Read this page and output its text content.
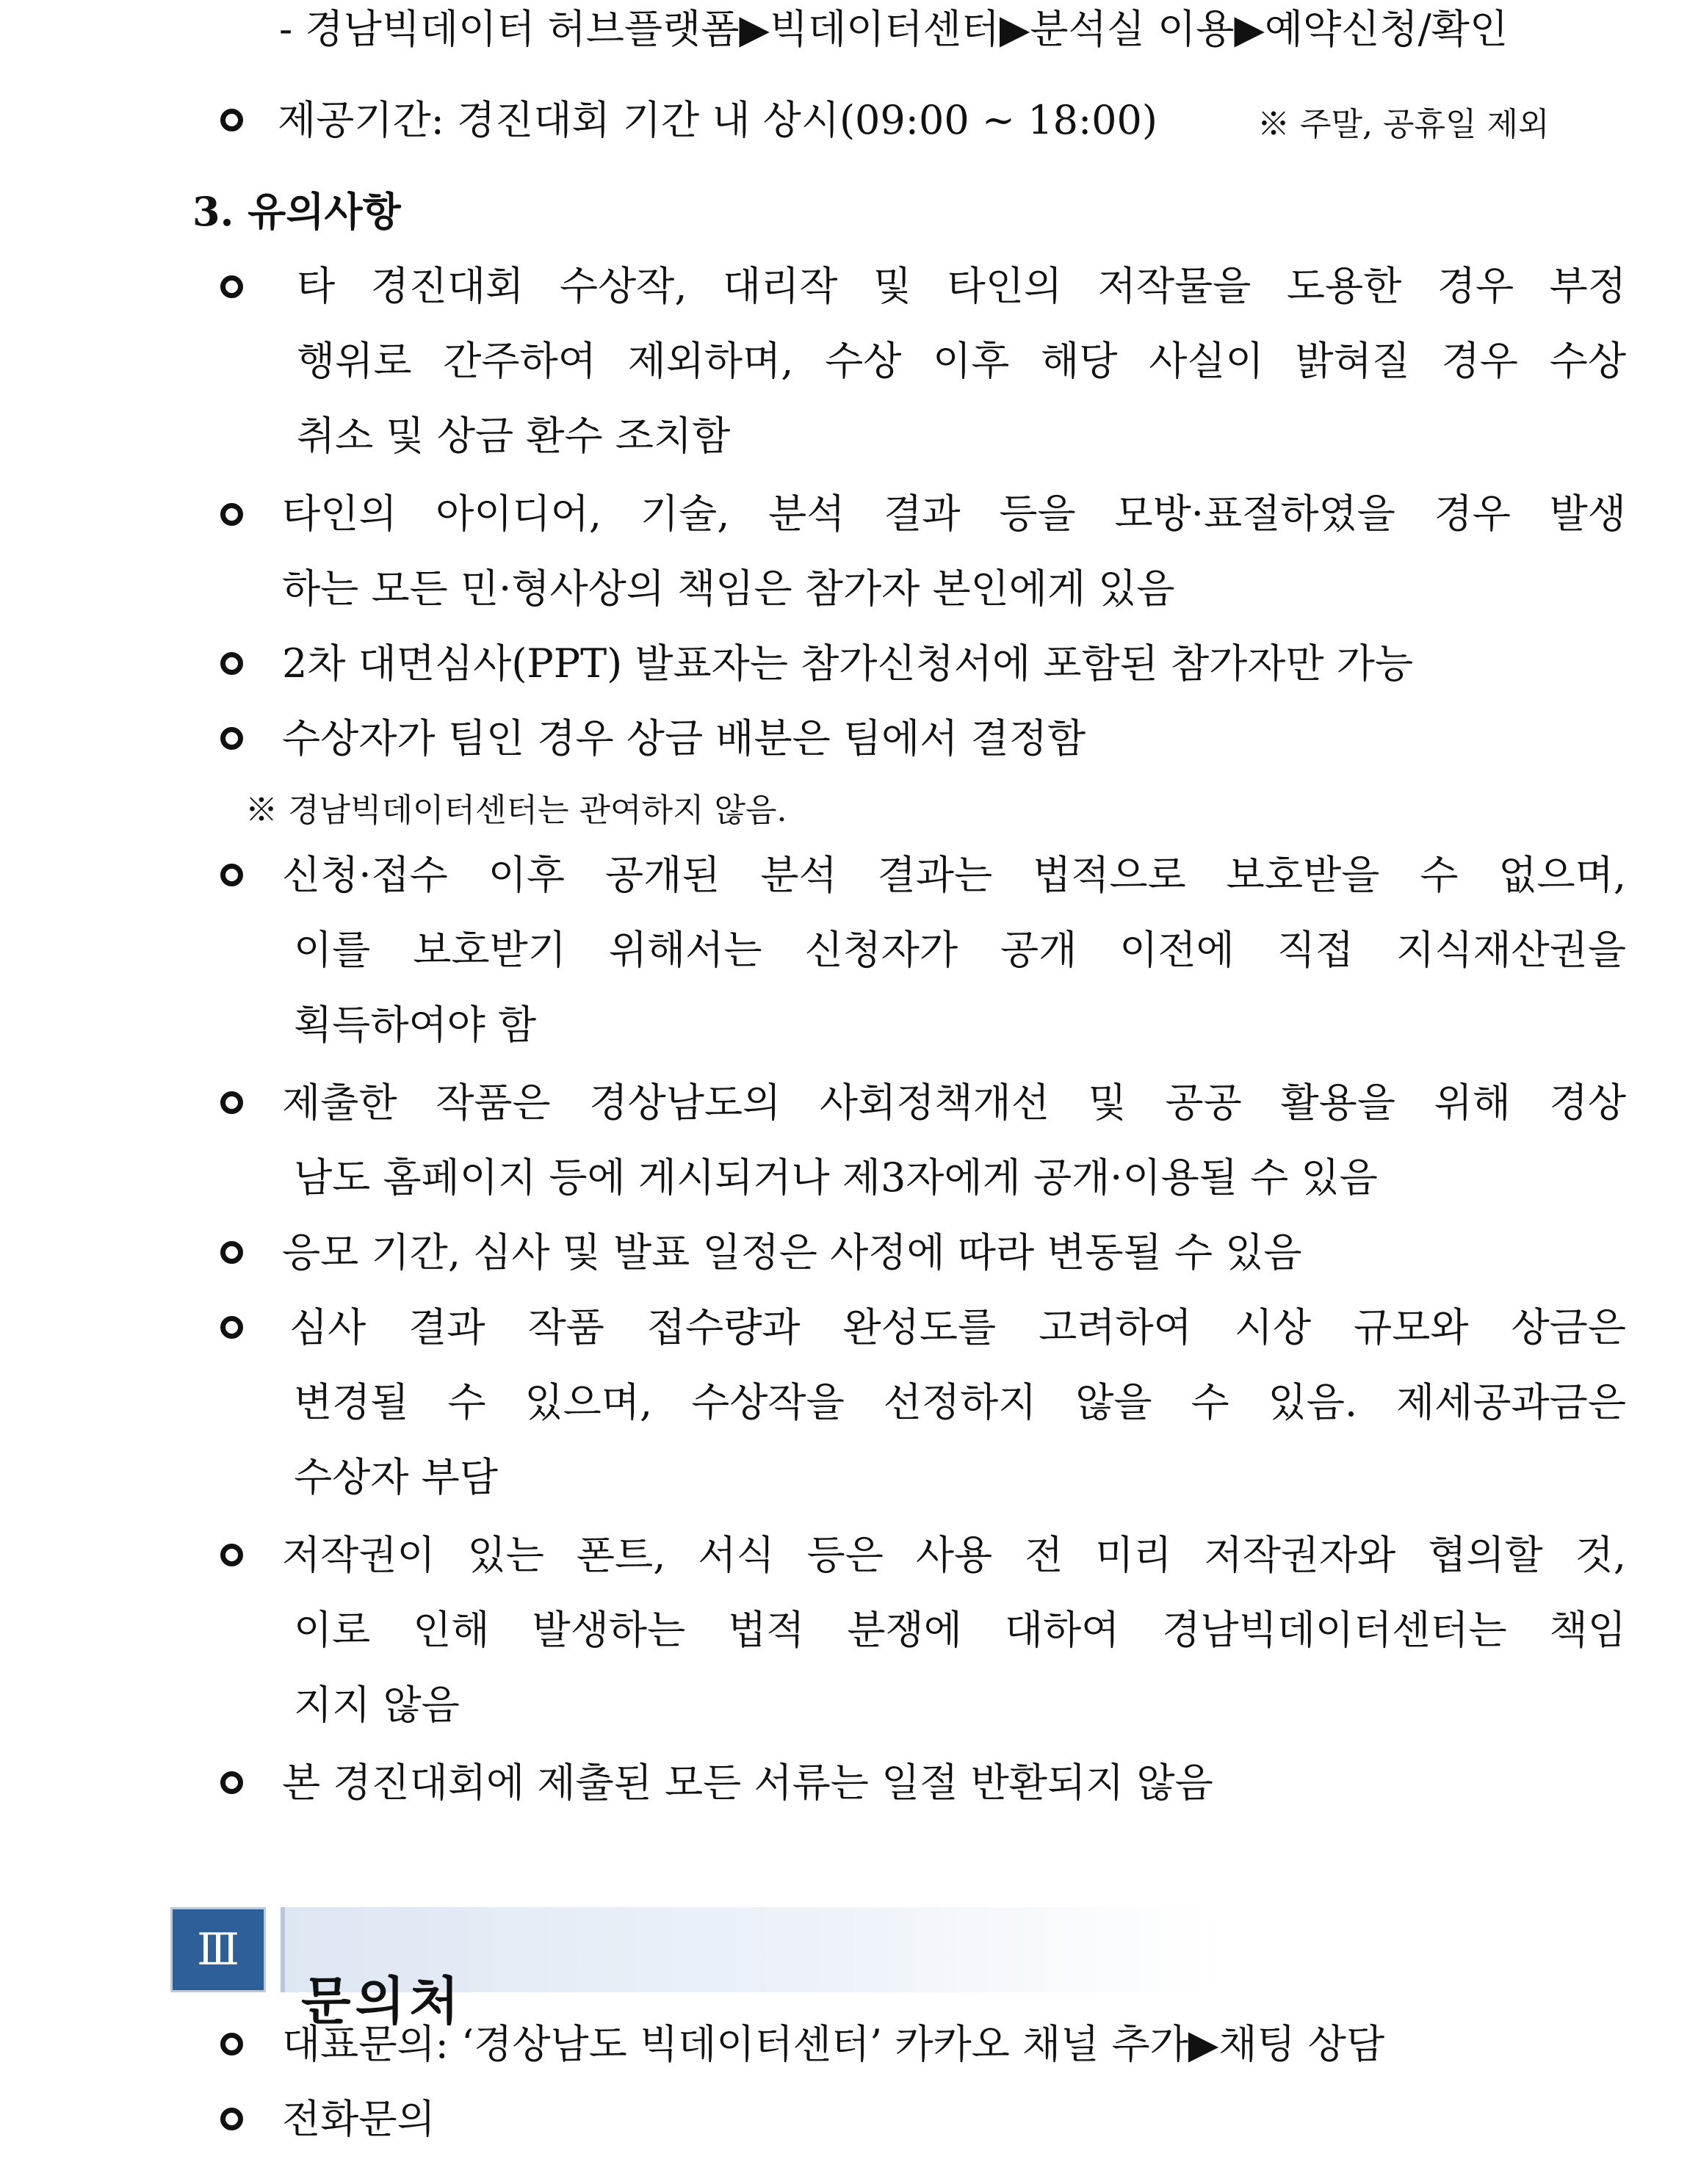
- 경남빅데이터 허브플랫폼▶빅데이터센터▶분석실 이용▶예약신청/확인

제공기간: 경진대회 기간 내 상시(09:00 ~ 18:00)	※ 주말, 공휴일 제외

3. 유의사항

타 경진대회 수상작, 대리작 및 타인의 저작물을 도용한 경우 부정

행위로 간주하여 제외하며, 수상 이후 해당 사실이 밝혀질 경우 수상

취소 및 상금 환수 조치함

타인의 아이디어, 기술, 분석 결과 등을 모방·표절하였을 경우 발생

하는 모든 민·형사상의 책임은 참가자 본인에게 있음

2차 대면심사(PPT) 발표자는 참가신청서에 포함된 참가자만 가능

수상자가 팀인 경우 상금 배분은 팀에서 결정함

※ 경남빅데이터센터는 관여하지 않음.

신청·접수 이후 공개된 분석 결과는 법적으로 보호받을 수 없으며,

이를 보호받기 위해서는 신청자가 공개 이전에 직접 지식재산권을

획득하여야 함

제출한 작품은 경상남도의 사회정책개선 및 공공 활용을 위해 경상

남도 홈페이지 등에 게시되거나 제3자에게 공개·이용될 수 있음

응모 기간, 심사 및 발표 일정은 사정에 따라 변동될 수 있음

심사 결과 작품 접수량과 완성도를 고려하여 시상 규모와 상금은

변경될 수 있으며, 수상작을 선정하지 않을 수 있음. 제세공과금은

수상자 부담

저작권이 있는 폰트, 서식 등은 사용 전 미리 저작권자와 협의할 것,

이로 인해 발생하는 법적 분쟁에 대하여 경남빅데이터센터는 책임

지지 않음

본 경진대회에 제출된 모든 서류는 일절 반환되지 않음

Ⅲ

문의처

대표문의: ‘경상남도 빅데이터센터’ 카카오 채널 추가▶채팅 상담

전화문의
